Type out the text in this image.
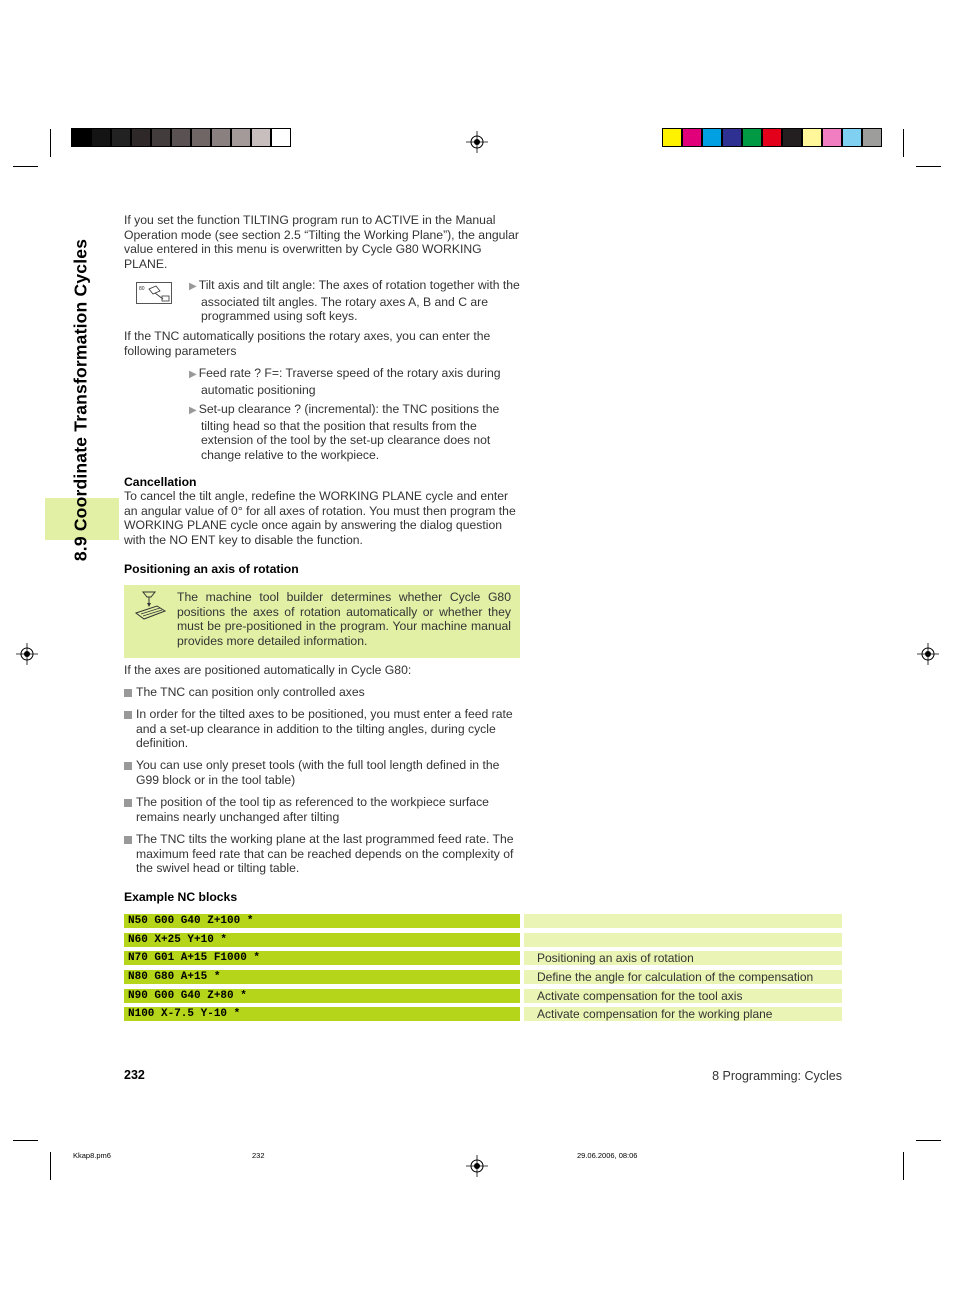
8.9 Coordinate Transformation Cycles

If you set the function TILTING program run to ACTIVE in the Manual Operation mode (see section 2.5 “Tilting the Working Plane”), the angular value entered in this menu is overwritten by Cycle G80 WORKING PLANE.

80	▶ Tilt axis and tilt angle: The axes of rotation together with the associated tilt angles. The rotary axes A, B and C are programmed using soft keys.

If the TNC automatically positions the rotary axes, you can enter the following parameters

▶ Feed rate ? F=: Traverse speed of the rotary axis during automatic positioning

▶ Set-up clearance ? (incremental): the TNC positions the tilting head so that the position that results from the extension of the tool by the set-up clearance does not change relative to the workpiece.

Cancellation

To cancel the tilt angle, redefine the WORKING PLANE cycle and enter an angular value of 0° for all axes of rotation. You must then program the WORKING PLANE cycle once again by answering the dialog question with the NO ENT key to disable the function.

Positioning an axis of rotation

The machine tool builder determines whether Cycle G80 positions the axes of rotation automatically or whether they must be pre-positioned in the program. Your machine manual provides more detailed information.

If the axes are positioned automatically in Cycle G80:

The TNC can position only controlled axes

In order for the tilted axes to be positioned, you must enter a feed rate and a set-up clearance in addition to the tilting angles, during cycle definition.

You can use only preset tools (with the full tool length defined in the G99 block or in the tool table)

The position of the tool tip as referenced to the workpiece surface remains nearly unchanged after tilting

The TNC tilts the working plane at the last programmed feed rate. The maximum feed rate that can be reached depends on the complexity of the swivel head or tilting table.

Example NC blocks

N50 G00 G40 Z+100 *
N60 X+25 Y+10 *
N70 G01 A+15 F1000 *	Positioning an axis of rotation
N80 G80 A+15 *	Define the angle for calculation of the compensation
N90 G00 G40 Z+80 *	Activate compensation for the tool axis
N100 X-7.5 Y-10 *	Activate compensation for the working plane
232	8 Programming: Cycles
Kkap8.pm6	232	29.06.2006, 08:06
